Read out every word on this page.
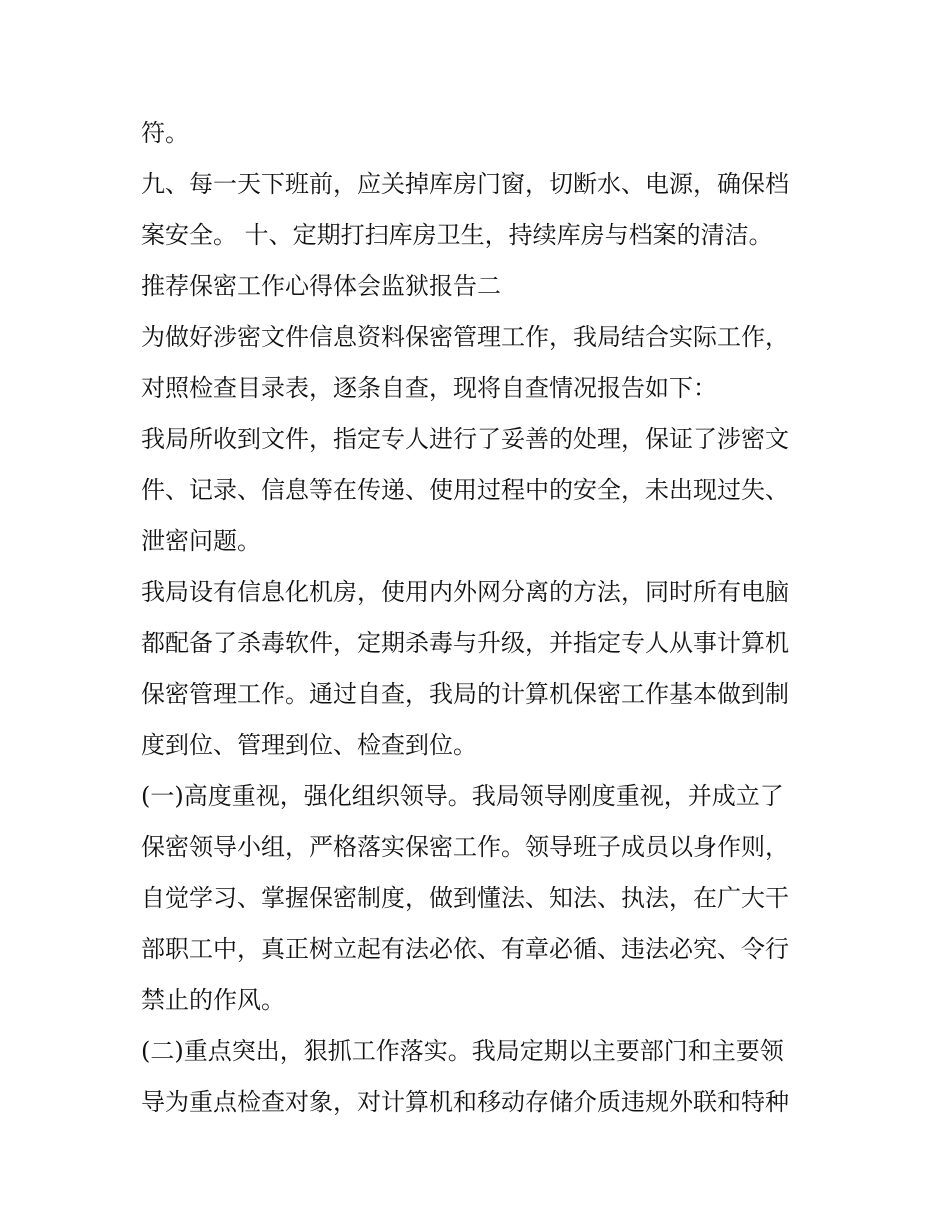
符。
九、每一天下班前，应关掉库房门窗，切断水、电源，确保档
案安全。 十、定期打扫库房卫生，持续库房与档案的清洁。
推荐保密工作心得体会监狱报告二
为做好涉密文件信息资料保密管理工作，我局结合实际工作，
对照检查目录表，逐条自查，现将自查情况报告如下：
我局所收到文件，指定专人进行了妥善的处理，保证了涉密文
件、记录、信息等在传递、使用过程中的安全，未出现过失、
泄密问题。
我局设有信息化机房，使用内外网分离的方法，同时所有电脑
都配备了杀毒软件，定期杀毒与升级，并指定专人从事计算机
保密管理工作。通过自查，我局的计算机保密工作基本做到制
度到位、管理到位、检查到位。
(一)高度重视，强化组织领导。我局领导刚度重视，并成立了
保密领导小组，严格落实保密工作。领导班子成员以身作则，
自觉学习、掌握保密制度，做到懂法、知法、执法，在广大干
部职工中，真正树立起有法必依、有章必循、违法必究、令行
禁止的作风。
(二)重点突出，狠抓工作落实。我局定期以主要部门和主要领
导为重点检查对象，对计算机和移动存储介质违规外联和特种
